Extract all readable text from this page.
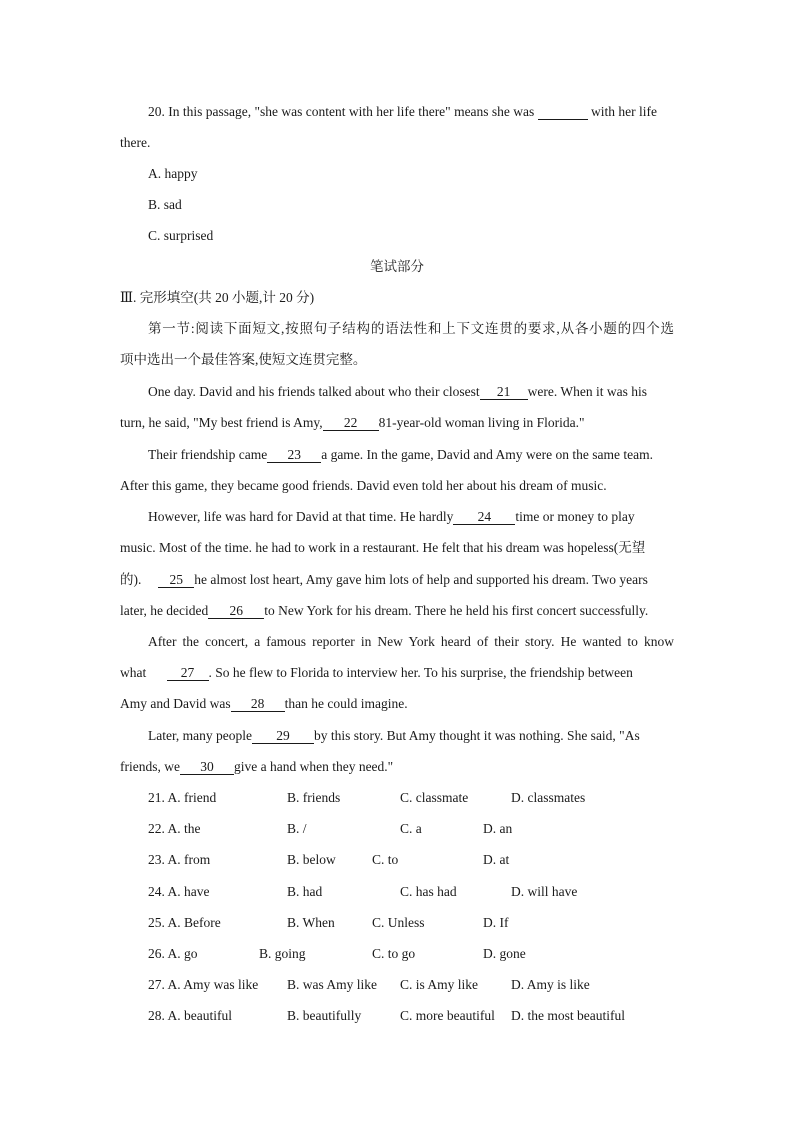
20. In this passage, "she was content with her life there" means she was	with her life
there.
A. happy
B. sad
C. surprised
笔试部分
Ⅲ. 完形填空(共 20 小题,计 20 分)
第一节:阅读下面短文,按照句子结构的语法性和上下文连贯的要求,从各小题的四个选
项中选出一个最佳答案,使短文连贯完整。
One day. David and his friends talked about who their closest 21 were. When it was his
turn, he said, "My best friend is Amy, 22 81-year-old woman living in Florida."
Their friendship came 23 a game. In the game, David and Amy were on the same team.
After this game, they became good friends. David even told her about his dream of music.
However, life was hard for David at that time. He hardly 24 time or money to play
music. Most of the time. he had to work in a restaurant. He felt that his dream was hopeless(无望
的). 25 he almost lost heart, Amy gave him lots of help and supported his dream. Two years
later, he decided 26 to New York for his dream. There he held his first concert successfully.
After the concert, a famous reporter in New York heard of their story. He wanted to know
what	27 . So he flew to Florida to interview her. To his surprise, the friendship between
Amy and David was 28 than he could imagine.
Later, many people 29 by this story. But Amy thought it was nothing. She said, "As
friends, we 30 give a hand when they need."
21. A. friend	B. friends	C. classmate	D. classmates
22. A. the	B. /	C. a	D. an
23. A. from	B. below	C. to	D. at
24. A. have	B. had	C. has had	D. will have
25. A. Before	B. When	C. Unless	D. If
26. A. go	B. going	C. to go	D. gone
27. A. Amy was like B. was Amy like C. is Amy like D. Amy is like
28. A. beautiful	B. beautifully	C. more beautiful D. the most beautiful
